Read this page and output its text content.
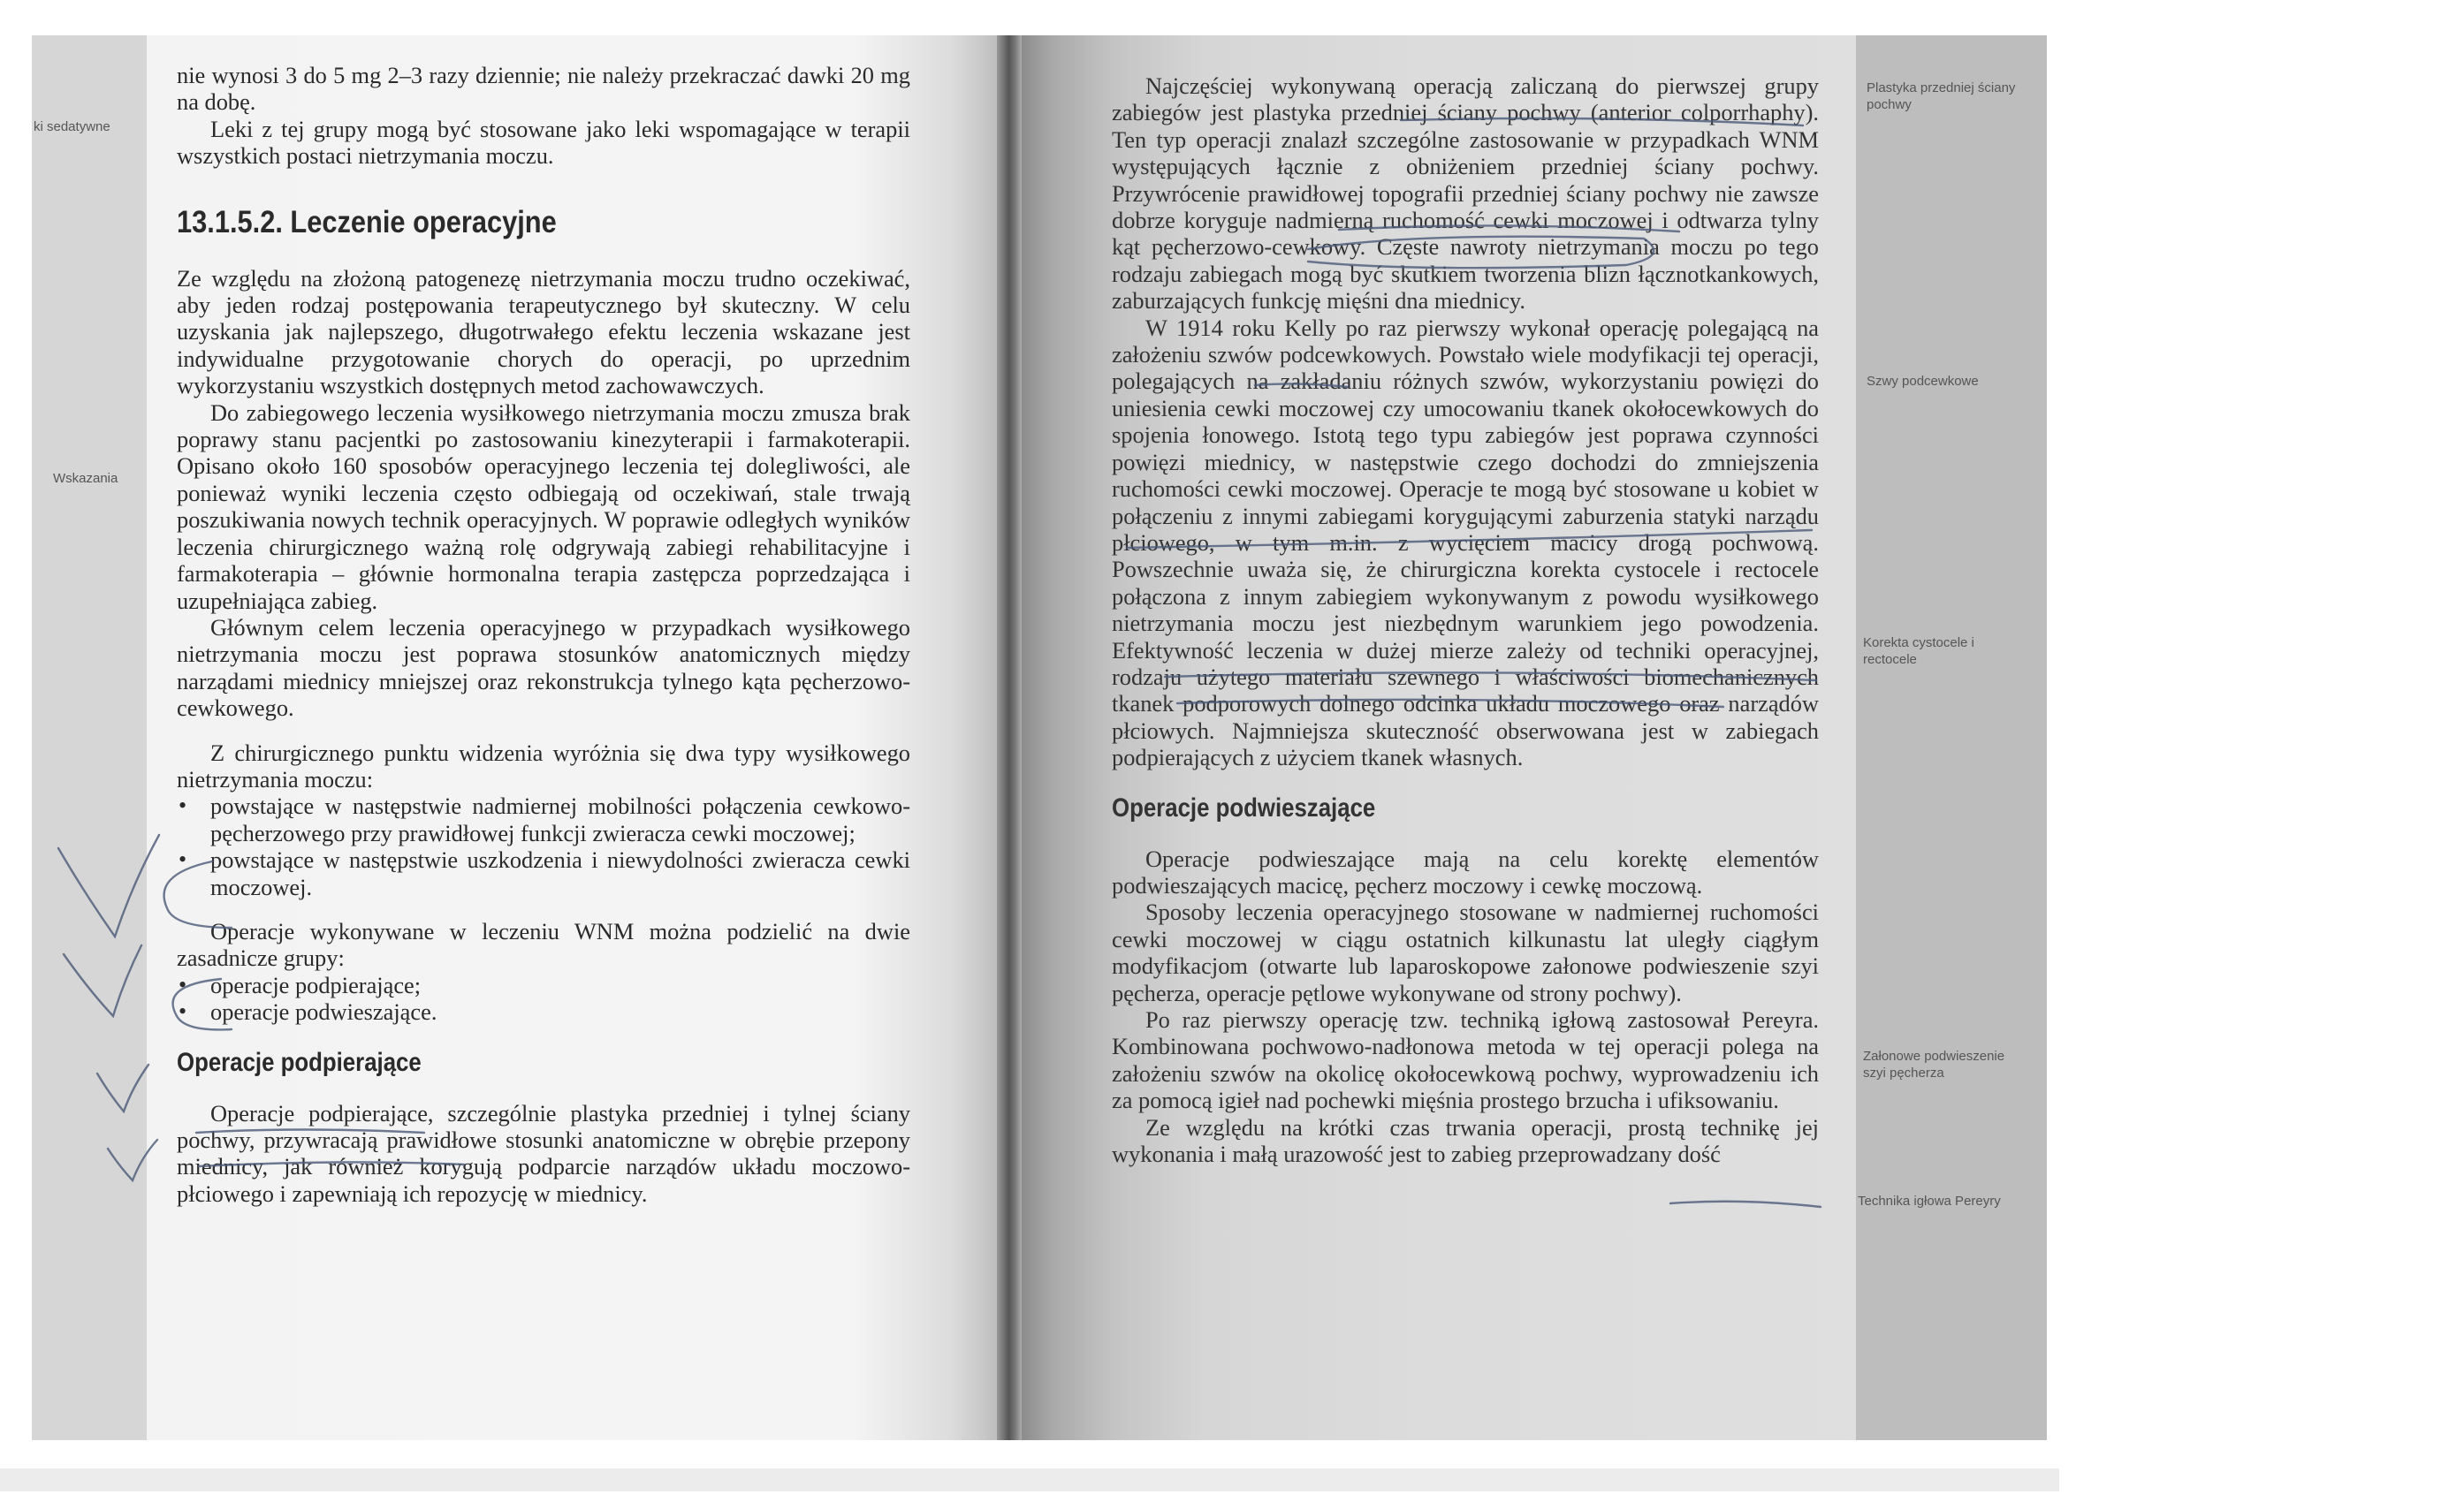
ki sedatywne

Wskazania

nie wynosi 3 do 5 mg 2–3 razy dziennie; nie należy przekraczać dawki 20 mg na dobę.

Leki z tej grupy mogą być stosowane jako leki wspomagające w terapii wszystkich postaci nietrzymania moczu.

13.1.5.2. Leczenie operacyjne

Ze względu na złożoną patogenezę nietrzymania moczu trudno oczekiwać, aby jeden rodzaj postępowania terapeutycznego był skuteczny. W celu uzyskania jak najlepszego, długotrwałego efektu leczenia wskazane jest indywidualne przygotowanie chorych do operacji, po uprzednim wykorzystaniu wszystkich dostępnych metod zachowawczych.

Do zabiegowego leczenia wysiłkowego nietrzymania moczu zmusza brak poprawy stanu pacjentki po zastosowaniu kinezyterapii i farmakoterapii. Opisano około 160 sposobów operacyjnego leczenia tej dolegliwości, ale ponieważ wyniki leczenia często odbiegają od oczekiwań, stale trwają poszukiwania nowych technik operacyjnych. W poprawie odległych wyników leczenia chirurgicznego ważną rolę odgrywają zabiegi rehabilitacyjne i farmakoterapia – głównie hormonalna terapia zastępcza poprzedzająca i uzupełniająca zabieg.

Głównym celem leczenia operacyjnego w przypadkach wysiłkowego nietrzymania moczu jest poprawa stosunków anatomicznych między narządami miednicy mniejszej oraz rekonstrukcja tylnego kąta pęcherzowo-cewkowego.

Z chirurgicznego punktu widzenia wyróżnia się dwa typy wysiłkowego nietrzymania moczu:

• powstające w następstwie nadmiernej mobilności połączenia cewkowo-pęcherzowego przy prawidłowej funkcji zwieracza cewki moczowej;
• powstające w następstwie uszkodzenia i niewydolności zwieracza cewki moczowej.

Operacje wykonywane w leczeniu WNM można podzielić na dwie zasadnicze grupy:

• operacje podpierające;
• operacje podwieszające.
Operacje podpierające

Operacje podpierające, szczególnie plastyka przedniej i tylnej ściany pochwy, przywracają prawidłowe stosunki anatomiczne w obrębie przepony miednicy, jak również korygują podparcie narządów układu moczowo-płciowego i zapewniają ich repozycję w miednicy.

Plastyka przedniej ściany pochwy

Szwy podcewkowe

Korekta cystocele i rectocele

Załonowe podwieszenie szyi pęcherza

Technika igłowa Pereyry

Najczęściej wykonywaną operacją zaliczaną do pierwszej grupy zabiegów jest plastyka przedniej ściany pochwy (anterior colporrhaphy). Ten typ operacji znalazł szczególne zastosowanie w przypadkach WNM występujących łącznie z obniżeniem przedniej ściany pochwy. Przywrócenie prawidłowej topografii przedniej ściany pochwy nie zawsze dobrze koryguje nadmierną ruchomość cewki moczowej i odtwarza tylny kąt pęcherzowo-cewkowy. Częste nawroty nietrzymania moczu po tego rodzaju zabiegach mogą być skutkiem tworzenia blizn łącznotkankowych, zaburzających funkcję mięśni dna miednicy.

W 1914 roku Kelly po raz pierwszy wykonał operację polegającą na założeniu szwów podcewkowych. Powstało wiele modyfikacji tej operacji, polegających na zakładaniu różnych szwów, wykorzystaniu powięzi do uniesienia cewki moczowej czy umocowaniu tkanek okołocewkowych do spojenia łonowego. Istotą tego typu zabiegów jest poprawa czynności powięzi miednicy, w następstwie czego dochodzi do zmniejszenia ruchomości cewki moczowej. Operacje te mogą być stosowane u kobiet w połączeniu z innymi zabiegami korygującymi zaburzenia statyki narządu płciowego, w tym m.in. z wycięciem macicy drogą pochwową. Powszechnie uważa się, że chirurgiczna korekta cystocele i rectocele połączona z innym zabiegiem wykonywanym z powodu wysiłkowego nietrzymania moczu jest niezbędnym warunkiem jego powodzenia. Efektywność leczenia w dużej mierze zależy od techniki operacyjnej, rodzaju użytego materiału szewnego i właściwości biomechanicznych tkanek podporowych dolnego odcinka układu moczowego oraz narządów płciowych. Najmniejsza skuteczność obserwowana jest w zabiegach podpierających z użyciem tkanek własnych.

Operacje podwieszające

Operacje podwieszające mają na celu korektę elementów podwieszających macicę, pęcherz moczowy i cewkę moczową.

Sposoby leczenia operacyjnego stosowane w nadmiernej ruchomości cewki moczowej w ciągu ostatnich kilkunastu lat uległy ciągłym modyfikacjom (otwarte lub laparoskopowe załonowe podwieszenie szyi pęcherza, operacje pętlowe wykonywane od strony pochwy).

Po raz pierwszy operację tzw. techniką igłową zastosował Pereyra. Kombinowana pochwowo-nadłonowa metoda w tej operacji polega na założeniu szwów na okolicę okołocewkową pochwy, wyprowadzeniu ich za pomocą igieł nad pochewki mięśnia prostego brzucha i ufiksowaniu.

Ze względu na krótki czas trwania operacji, prostą technikę jej wykonania i małą urazowość jest to zabieg przeprowadzany dość
